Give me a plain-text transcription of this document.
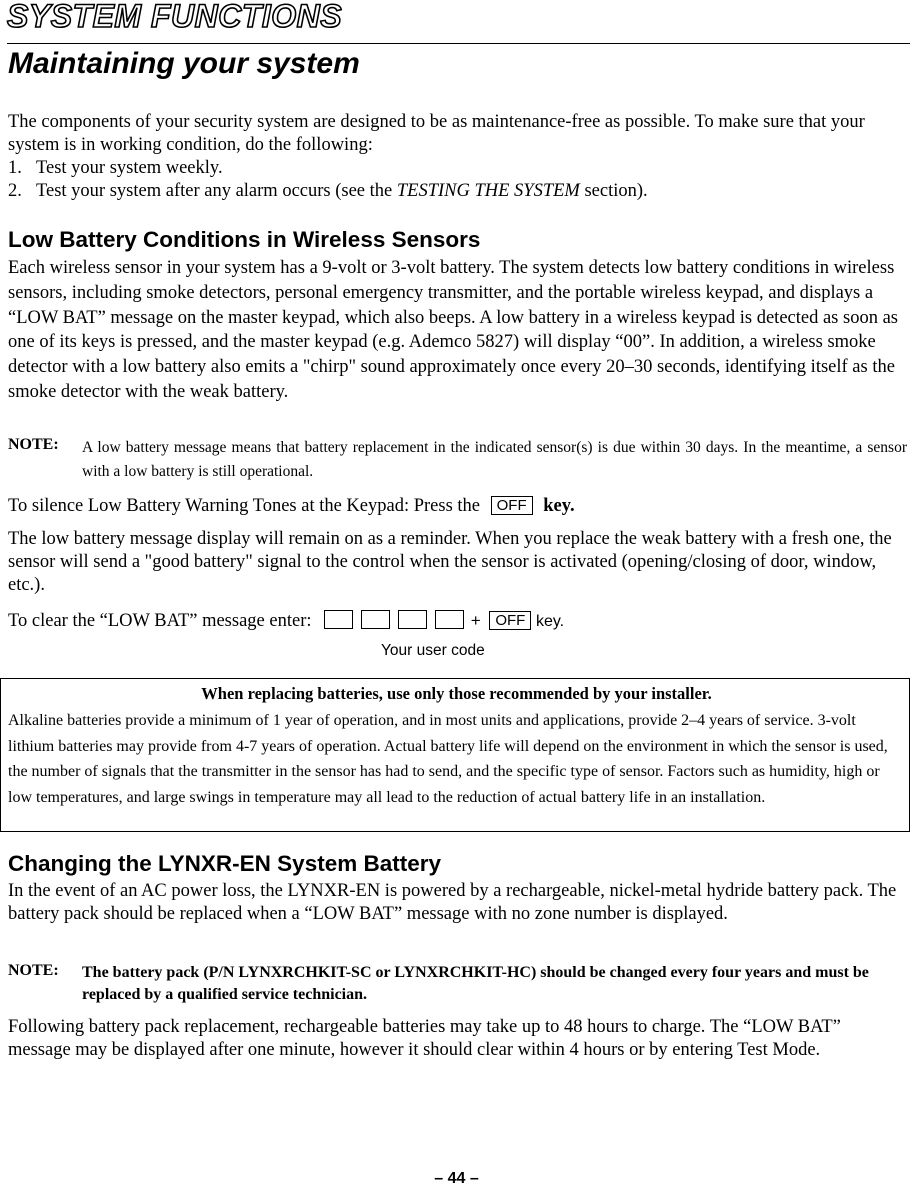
SYSTEM FUNCTIONS
Maintaining your system

The components of your security system are designed to be as maintenance-free as possible. To make sure that your system is in working condition, do the following:

1. Test your system weekly.
2. Test your system after any alarm occurs (see the TESTING THE SYSTEM section).
Low Battery Conditions in Wireless Sensors

Each wireless sensor in your system has a 9-volt or 3-volt battery. The system detects low battery conditions in wireless sensors, including smoke detectors, personal emergency transmitter, and the portable wireless keypad, and displays a “LOW BAT” message on the master keypad, which also beeps. A low battery in a wireless keypad is detected as soon as one of its keys is pressed, and the master keypad (e.g. Ademco 5827) will display “00”. In addition, a wireless smoke detector with a low battery also emits a "chirp" sound approximately once every 20–30 seconds, identifying itself as the smoke detector with the weak battery.

NOTE:	A low battery message means that battery replacement in the indicated sensor(s) is due within 30 days. In the meantime, a sensor with a low battery is still operational.
To silence Low Battery Warning Tones at the Keypad: Press the OFF key.

The low battery message display will remain on as a reminder. When you replace the weak battery with a fresh one, the sensor will send a "good battery" signal to the control when the sensor is activated (opening/closing of door, window, etc.).

To clear the “LOW BAT” message enter:	+ OFF key.
Your user code
When replacing batteries, use only those recommended by your installer.
Alkaline batteries provide a minimum of 1 year of operation, and in most units and applications, provide 2–4 years of service. 3-volt lithium batteries may provide from 4-7 years of operation. Actual battery life will depend on the environment in which the sensor is used, the number of signals that the transmitter in the sensor has had to send, and the specific type of sensor. Factors such as humidity, high or low temperatures, and large swings in temperature may all lead to the reduction of actual battery life in an installation.
Changing the LYNXR-EN System Battery

In the event of an AC power loss, the LYNXR-EN is powered by a rechargeable, nickel-metal hydride battery pack. The battery pack should be replaced when a “LOW BAT” message with no zone number is displayed.

NOTE:	The battery pack (P/N LYNXRCHKIT-SC or LYNXRCHKIT-HC) should be changed every four years and must be replaced by a qualified service technician.

Following battery pack replacement, rechargeable batteries may take up to 48 hours to charge. The “LOW BAT” message may be displayed after one minute, however it should clear within 4 hours or by entering Test Mode.

– 44 –
